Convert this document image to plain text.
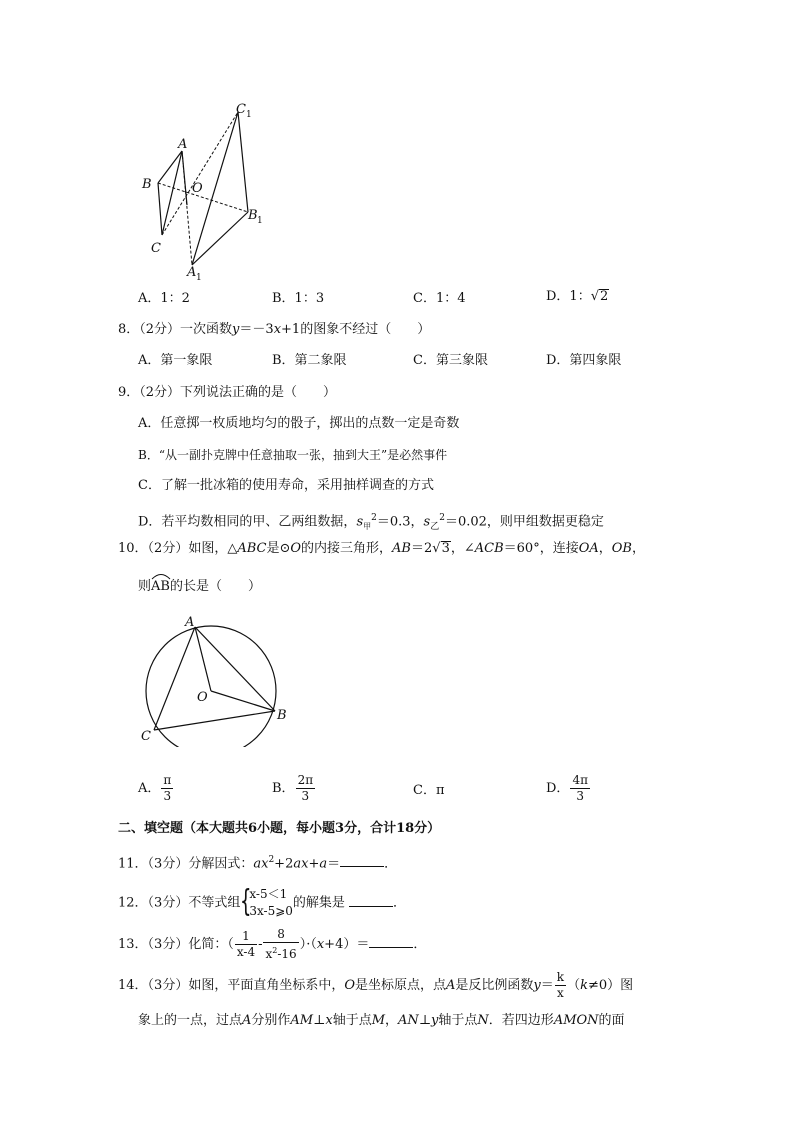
A
B
C
O
C 1
B 1
A 1
A．1：2	B．1：3	C．1：4	D．1：√2
8．（2分）一次函数y＝－3x+1的图象不经过（　　）
A．第一象限	B．第二象限	C．第三象限	D．第四象限
9．（2分）下列说法正确的是（　　）
A．任意掷一枚质地均匀的骰子，掷出的点数一定是奇数
B．“从一副扑克牌中任意抽取一张，抽到大王”是必然事件
C．了解一批冰箱的使用寿命，采用抽样调查的方式
D．若平均数相同的甲、乙两组数据，$s_甲^2=0.3$，$s_乙^2=0.02$，则甲组数据更稳定
10．（2分）如图，△ABC是⊙O的内接三角形，AB＝2√3，∠ACB＝60°，连接OA，OB，
则
AB的长是（　　）
A
B
C
O
A． $\frac{\pi}{3}$	B． $\frac{2\pi}{3}$	C．π	D． $\frac{4\pi}{3}$
二、填空题（本大题共6小题，每小题3分，合计18分）
11．（3分）分解因式：$ax^2+2ax+a=$	．
12．（3分）不等式组 {
x-5＜1
3x-5⩾0
的解集是	．
13．（3分）化简：（ $\frac{1}{x-4} - \frac{8}{x^2-16} )\cdot(x+4)=$	．
14．（3分）如图，平面直角坐标系中，O是坐标原点，点A是反比例函数$y= \frac{k}{x} (k\ne 0)$图
象上的一点，过点A分别作AM⊥x轴于点M，AN⊥y轴于点N．若四边形AMON的面
